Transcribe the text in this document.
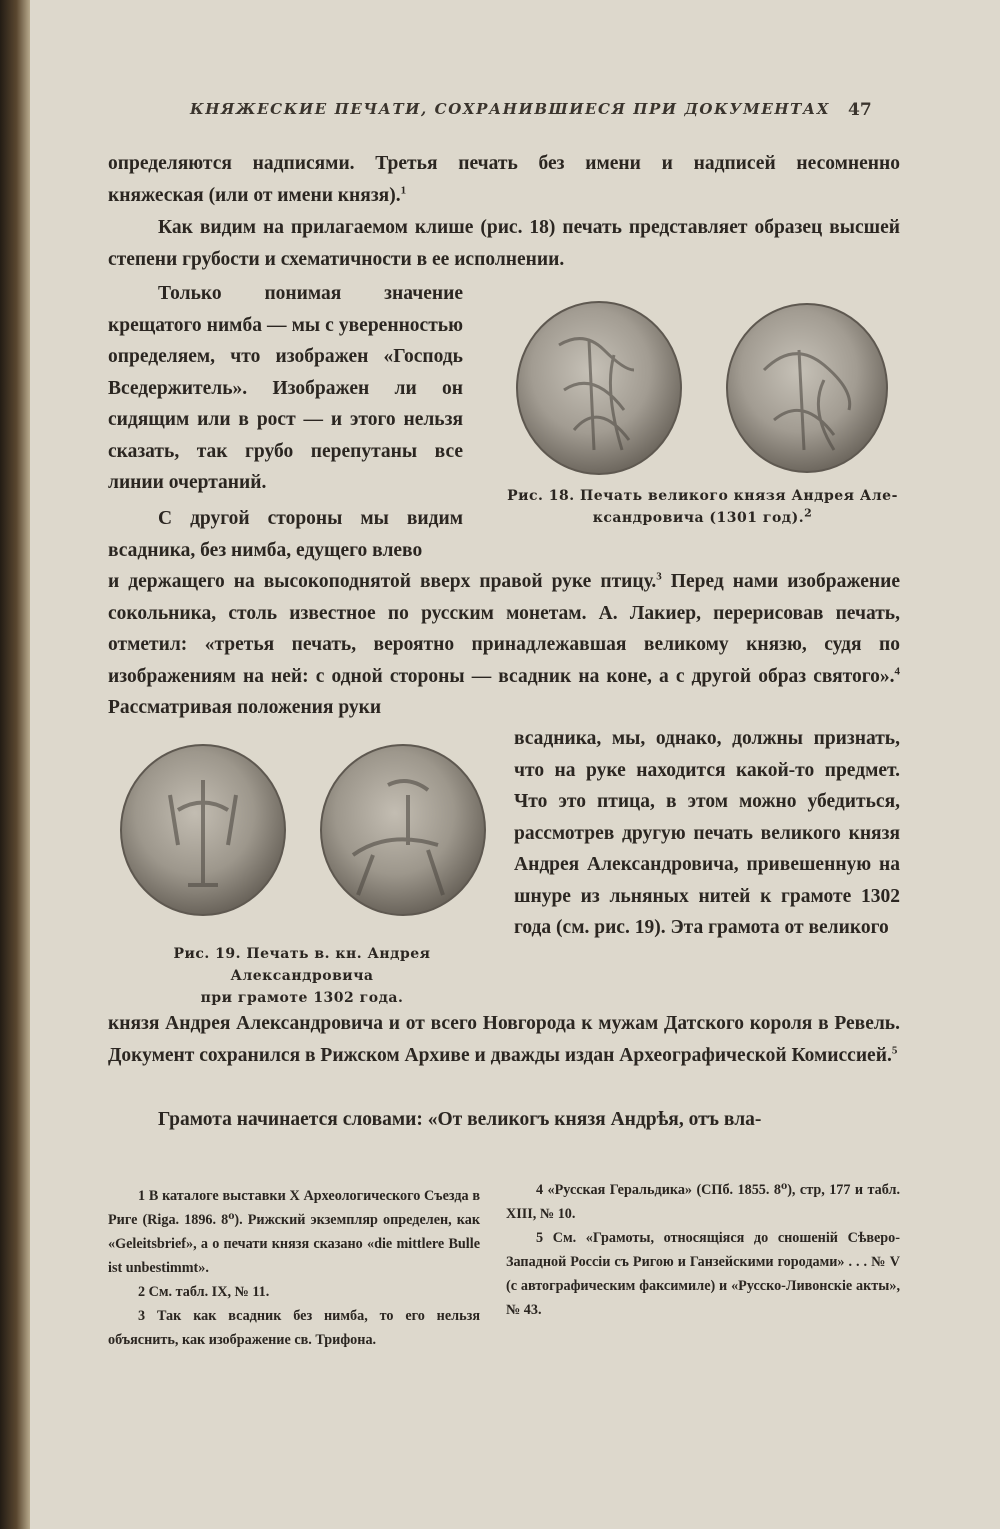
КНЯЖЕСКИЕ ПЕЧАТИ, СОХРАНИВШИЕСЯ ПРИ ДОКУМЕНТАХ 47

определяются надписями. Третья печать без имени и надписей несомненно

княжеская (или от имени князя).$^1$

Как видим на прилагаемом клише (рис. 18) печать представляет образец высшей степени грубости и схематичности в ее исполнении.

Только понимая значение крещатого нимба — мы с уверенностью определяем, что изображен «Господь Вседержитель». Изображен ли он сидящим или в рост — и этого нельзя сказать, так грубо перепутаны все линии очертаний.

С другой стороны мы видим всадника, без нимба, едущего влево

и держащего на высокоподнятой вверх правой руке птицу.$^3$ Перед нами изображение сокольника, столь известное по русским монетам. А. Лакиер, перерисовав печать, отметил: «третья печать, вероятно принадлежавшая великому князю, судя по изображениям на ней: с одной стороны — всадник на коне, а с другой образ святого».$^4$ Рассматривая положения руки

всадника, мы, однако, должны признать, что на руке находится какой-то предмет. Что это птица, в этом можно убедиться, рассмотрев другую печать великого князя Андрея Александровича, привешенную на шнуре из льняных нитей к грамоте 1302 года (см. рис. 19). Эта грамота от великого

князя Андрея Александровича и от всего Новгорода к мужам Датского короля в Ревель. Документ сохранился в Рижском Архиве и дважды издан Археографической Комиссией.$^5$

Грамота начинается словами: «От великогъ князя Андрѣя, отъ вла-

Рис. 18. Печать великого князя Андрея Але-
ксандровича (1301 год).$^2$
Рис. 19. Печать в. кн. Андрея Александровича
при грамоте 1302 года.

1 В каталоге выставки X Археологического Съезда в Риге (Riga. 1896. 8⁰). Рижский экземпляр определен, как «Geleitsbrief», а о печати князя сказано «die mittlere Bulle ist unbestimmt».

2 См. табл. IX, № 11.

3 Так как всадник без нимба, то его нельзя объяснить, как изображение св. Трифона.

4 «Русская Геральдика» (СПб. 1855. 8⁰), стр, 177 и табл. XIII, № 10.

5 См. «Грамоты, относящіяся до сношеній Сѣверо-Западной Россіи съ Ригою и Ганзейскими городами» . . . № V (с автографическим факсимиле) и «Русско-Ливонскіе акты», № 43.
